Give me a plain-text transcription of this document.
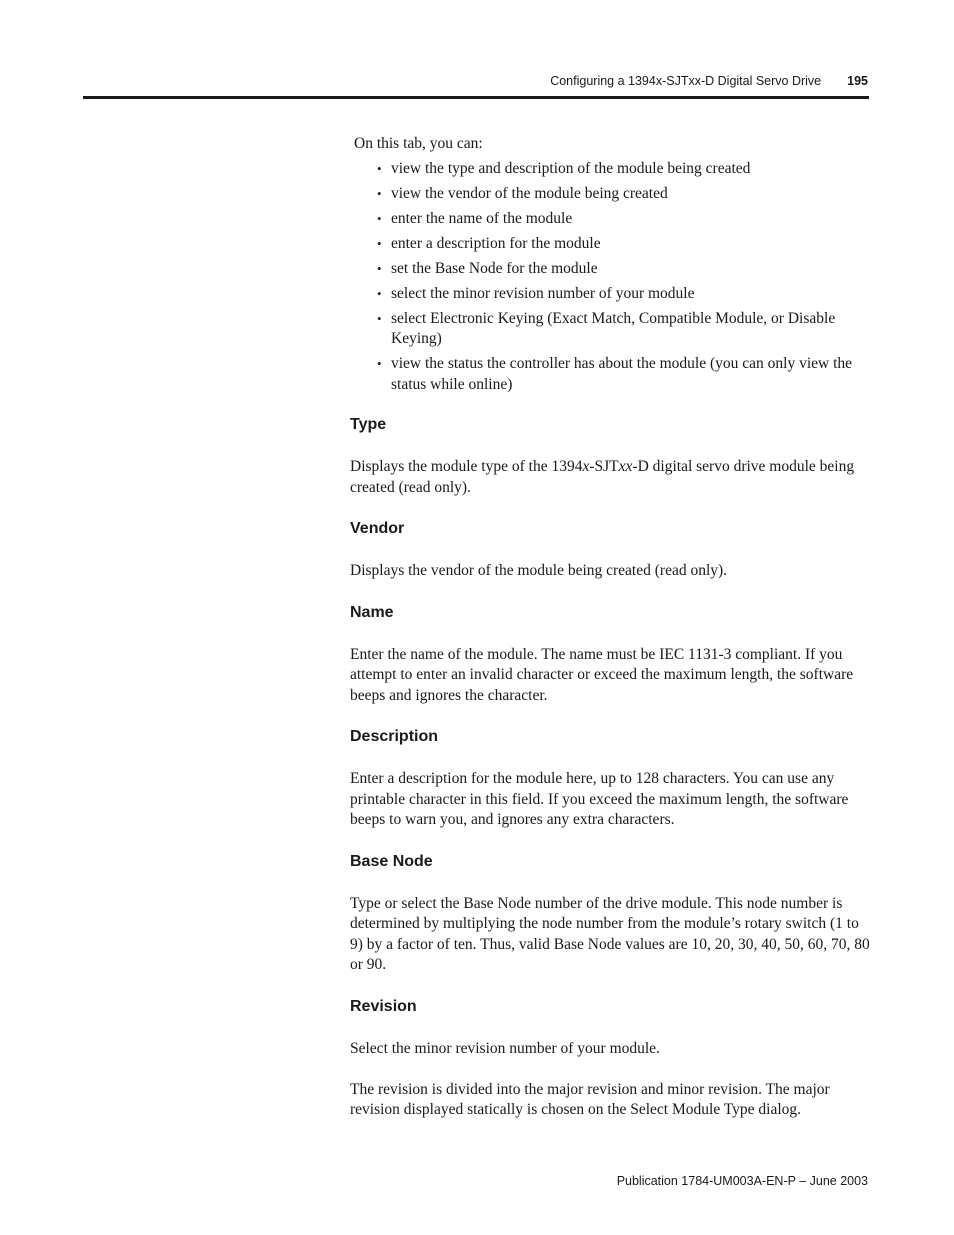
Configuring a 1394x-SJTxx-D Digital Servo Drive 195

On this tab, you can:

• view the type and description of the module being created
• view the vendor of the module being created
• enter the name of the module
• enter a description for the module
• set the Base Node for the module
• select the minor revision number of your module
• select Electronic Keying (Exact Match, Compatible Module, or Disable Keying)
• view the status the controller has about the module (you can only view the status while online)
Type

Displays the module type of the 1394x-SJTxx-D digital servo drive module being created (read only).

Vendor

Displays the vendor of the module being created (read only).

Name

Enter the name of the module. The name must be IEC 1131-3 compliant. If you attempt to enter an invalid character or exceed the maximum length, the software beeps and ignores the character.

Description

Enter a description for the module here, up to 128 characters. You can use any printable character in this field. If you exceed the maximum length, the software beeps to warn you, and ignores any extra characters.

Base Node

Type or select the Base Node number of the drive module. This node number is determined by multiplying the node number from the module’s rotary switch (1 to 9) by a factor of ten. Thus, valid Base Node values are 10, 20, 30, 40, 50, 60, 70, 80 or 90.

Revision

Select the minor revision number of your module.

The revision is divided into the major revision and minor revision. The major revision displayed statically is chosen on the Select Module Type dialog.

Publication 1784-UM003A-EN-P – June 2003
